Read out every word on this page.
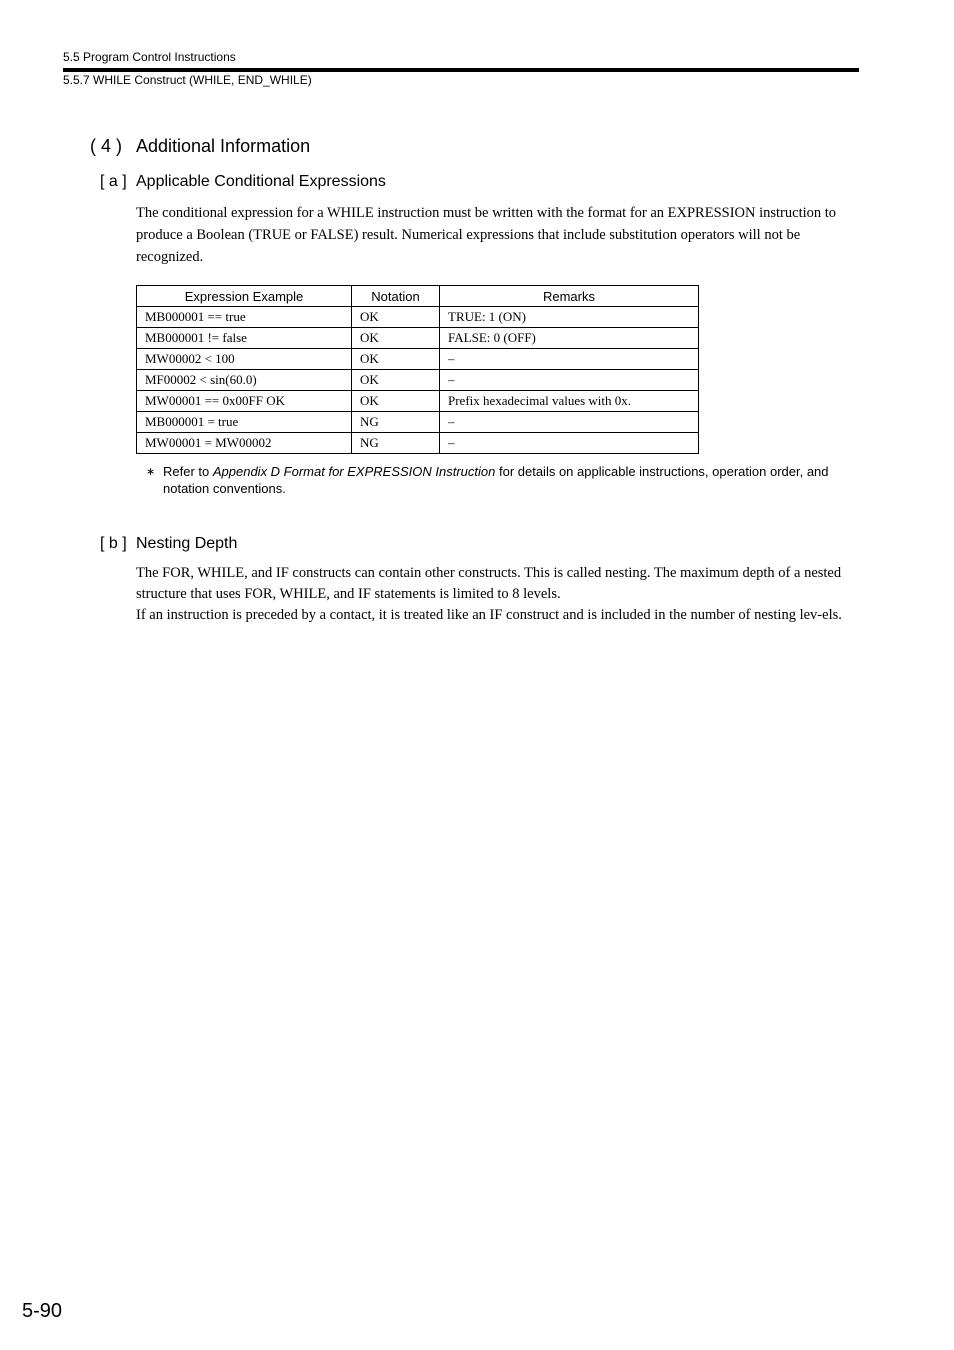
5.5 Program Control Instructions
5.5.7 WHILE Construct (WHILE, END_WHILE)
( 4 ) Additional Information
[ a ] Applicable Conditional Expressions

The conditional expression for a WHILE instruction must be written with the format for an EXPRESSION instruction to produce a Boolean (TRUE or FALSE) result. Numerical expressions that include substitution operators will not be recognized.

Expression Example	Notation	Remarks
MB000001 == true	OK	TRUE: 1 (ON)
MB000001 != false	OK	FALSE: 0 (OFF)
MW00002 < 100	OK	–
MF00002 < sin(60.0)	OK	–
MW00001 == 0x00FF OK	OK	Prefix hexadecimal values with 0x.
MB000001 = true	NG	–
MW00001 = MW00002	NG	–
∗ Refer to Appendix D Format for EXPRESSION Instruction for details on applicable instructions, operation order, and notation conventions.
[ b ] Nesting Depth

The FOR, WHILE, and IF constructs can contain other constructs. This is called nesting. The maximum depth of a nested structure that uses FOR, WHILE, and IF statements is limited to 8 levels.

If an instruction is preceded by a contact, it is treated like an IF construct and is included in the number of nesting lev-els.

5-90
